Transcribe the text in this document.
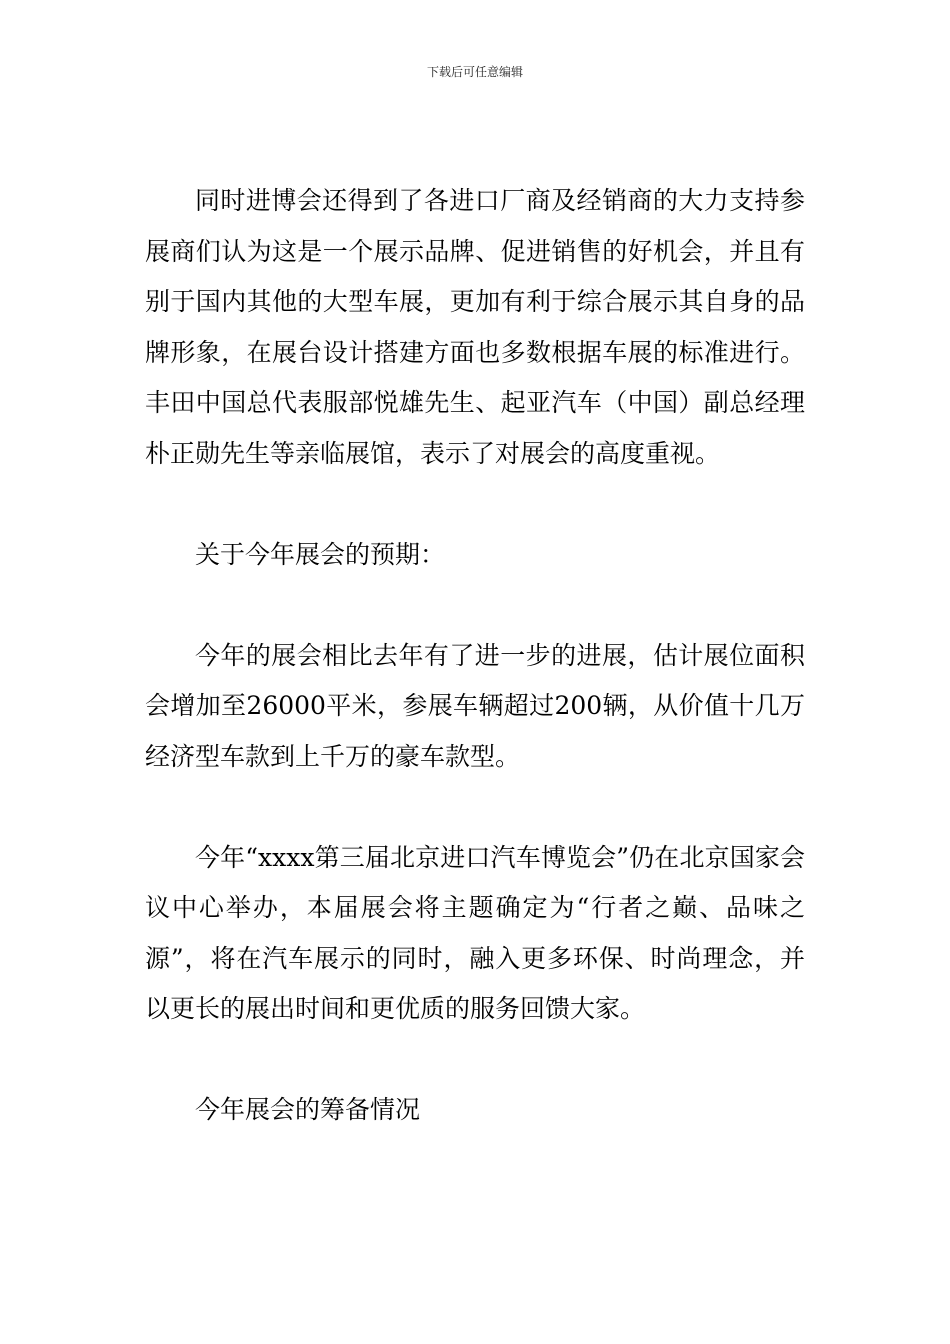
下载后可任意编辑

同时进博会还得到了各进口厂商及经销商的大力支持参展商们认为这是一个展示品牌、促进销售的好机会，并且有别于国内其他的大型车展，更加有利于综合展示其自身的品牌形象，在展台设计搭建方面也多数根据车展的标准进行。丰田中国总代表服部悦雄先生、起亚汽车（中国）副总经理朴正勋先生等亲临展馆，表示了对展会的高度重视。

关于今年展会的预期：

今年的展会相比去年有了进一步的进展，估计展位面积会增加至26000平米，参展车辆超过200辆，从价值十几万经济型车款到上千万的豪车款型。

今年“xxxx第三届北京进口汽车博览会”仍在北京国家会议中心举办，本届展会将主题确定为“行者之巅、品味之源”，将在汽车展示的同时，融入更多环保、时尚理念，并以更长的展出时间和更优质的服务回馈大家。

今年展会的筹备情况
